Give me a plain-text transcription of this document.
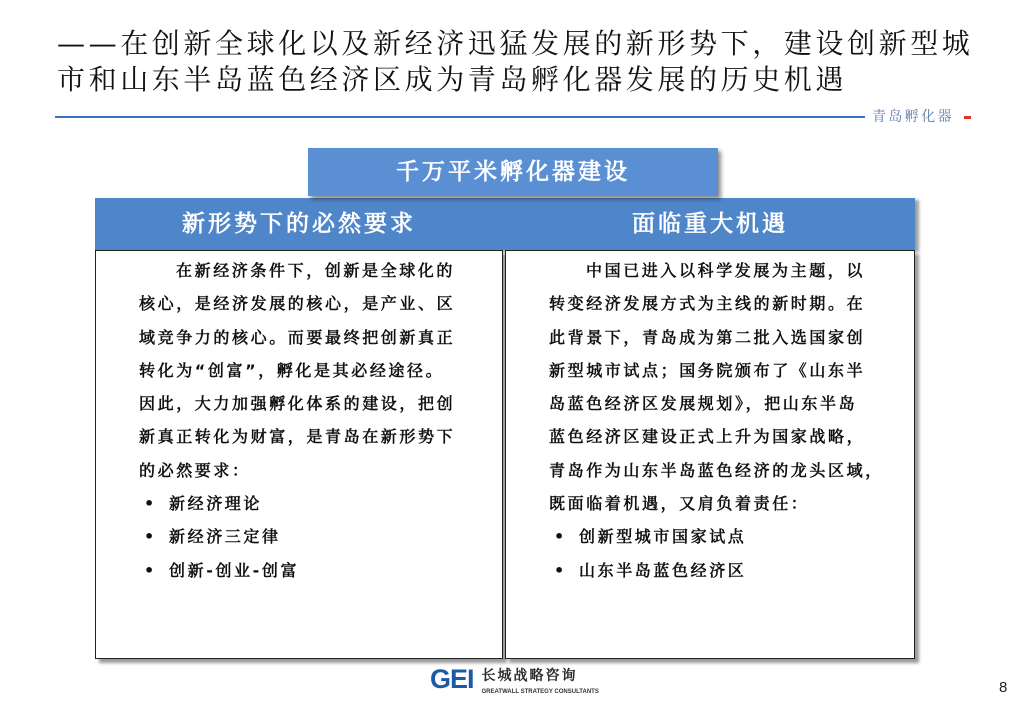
——在创新全球化以及新经济迅猛发展的新形势下，建设创新型城
市和山东半岛蓝色经济区成为青岛孵化器发展的历史机遇
青岛孵化器
千万平米孵化器建设
新形势下的必然要求	面临重大机遇
在新经济条件下，创新是全球化的
核心，是经济发展的核心，是产业、区
域竞争力的核心。而要最终把创新真正
转化为“创富”，孵化是其必经途径。
因此，大力加强孵化体系的建设，把创
新真正转化为财富，是青岛在新形势下
的必然要求：
•
新经济理论
•
新经济三定律
•
创新-创业-创富
中国已进入以科学发展为主题，以
转变经济发展方式为主线的新时期。在
此背景下，青岛成为第二批入选国家创
新型城市试点；国务院颁布了《山东半
岛蓝色经济区发展规划》，把山东半岛
蓝色经济区建设正式上升为国家战略，
青岛作为山东半岛蓝色经济的龙头区域，
既面临着机遇，又肩负着责任：
•
创新型城市国家试点
•
山东半岛蓝色经济区
GEI 长城战略咨询
GREATWALL STRATEGY CONSULTANTS	8
